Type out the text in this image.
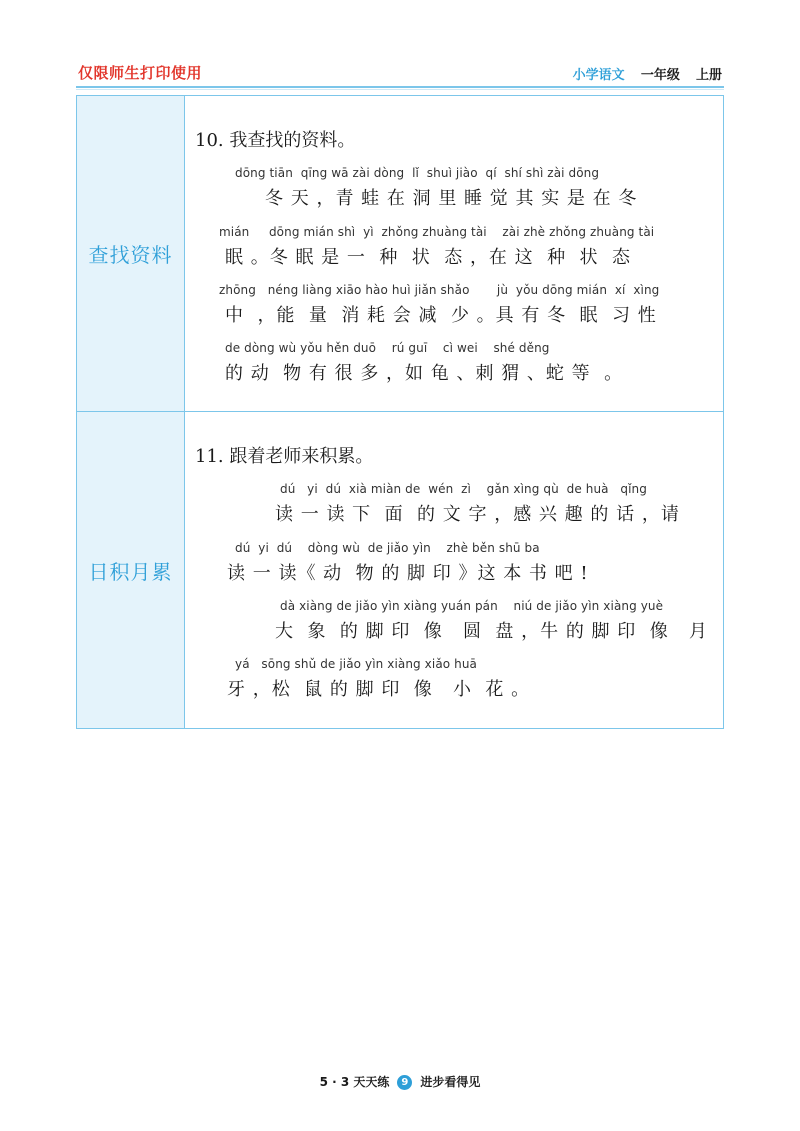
仅限师生打印使用	小学语文 一年级 上册
查找资料
10. 我查找的资料。
dōng tiān  qīng wā zài dòng  lǐ  shuì jiào  qí  shí shì zài dōng
冬 天 ，青 蛙 在 洞 里 睡 觉 其 实 是 在 冬
mián     dōng mián shì  yì  zhǒng zhuàng tài    zài zhè zhǒng zhuàng tài
眠 。冬 眠 是 一  种  状  态 ，在 这  种  状  态
zhōng   néng liàng xiāo hào huì jiǎn shǎo       jù  yǒu dōng mián  xí  xìng
中  ，能  量  消 耗 会 减  少 。具 有 冬  眠  习 性
de dòng wù yǒu hěn duō    rú guī    cì wei    shé děng
的 动  物 有 很 多 ，如 龟 、刺 猬 、蛇 等  。
日积月累
11. 跟着老师来积累。
dú   yi  dú  xià miàn de  wén  zì    gǎn xìng qù  de huà   qǐng
读 一 读 下  面  的 文 字 ，感 兴 趣 的 话 ，请
dú  yi  dú    dòng wù  de jiǎo yìn    zhè běn shū ba
读 一 读《 动  物 的 脚 印 》这 本 书 吧 !
dà xiàng de jiǎo yìn xiàng yuán pán    niú de jiǎo yìn xiàng yuè
大  象  的 脚 印  像   圆  盘 ，牛 的 脚 印  像   月
yá   sōng shǔ de jiǎo yìn xiàng xiǎo huā
牙 ，松  鼠 的 脚 印  像   小  花 。
5 · 3 天天练 9 进步看得见
